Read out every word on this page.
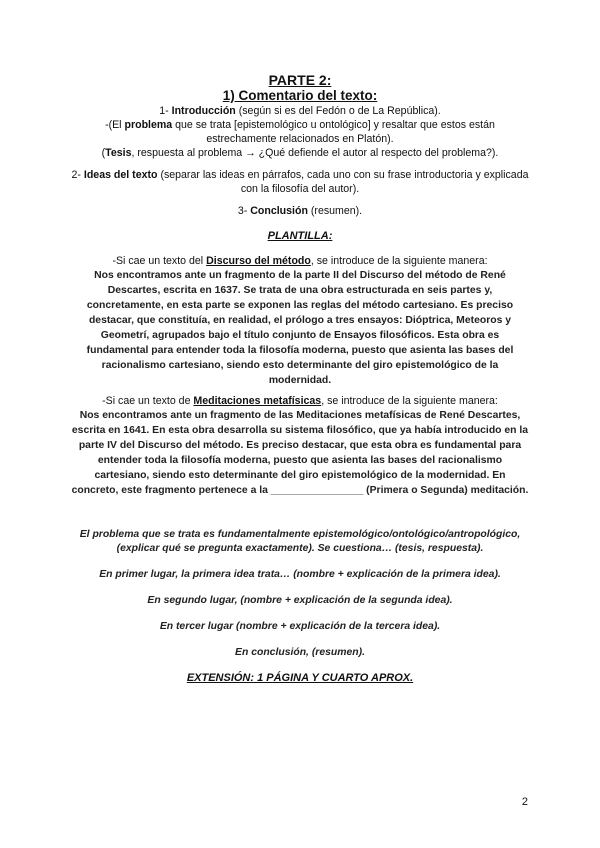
PARTE 2:
1) Comentario del texto:

1- Introducción (según si es del Fedón o de La República).

-(El problema que se trata [epistemológico u ontológico] y resaltar que estos están estrechamente relacionados en Platón).

(Tesis, respuesta al problema → ¿Qué defiende el autor al respecto del problema?).

2- Ideas del texto (separar las ideas en párrafos, cada uno con su frase introductoria y explicada con la filosofía del autor).

3- Conclusión (resumen).

PLANTILLA:

-Si cae un texto del Discurso del método, se introduce de la siguiente manera:

Nos encontramos ante un fragmento de la parte II del Discurso del método de René Descartes, escrita en 1637. Se trata de una obra estructurada en seis partes y, concretamente, en esta parte se exponen las reglas del método cartesiano. Es preciso destacar, que constituía, en realidad, el prólogo a tres ensayos: Dióptrica, Meteoros y Geometrí, agrupados bajo el título conjunto de Ensayos filosóficos. Esta obra es fundamental para entender toda la filosofía moderna, puesto que asienta las bases del racionalismo cartesiano, siendo esto determinante del giro epistemológico de la modernidad.

-Si cae un texto de Meditaciones metafísicas, se introduce de la siguiente manera:

Nos encontramos ante un fragmento de las Meditaciones metafísicas de René Descartes, escrita en 1641. En esta obra desarrolla su sistema filosófico, que ya había introducido en la parte IV del Discurso del método. Es preciso destacar, que esta obra es fundamental para entender toda la filosofía moderna, puesto que asienta las bases del racionalismo cartesiano, siendo esto determinante del giro epistemológico de la modernidad. En concreto, este fragmento pertenece a la ________________ (Primera o Segunda) meditación.

El problema que se trata es fundamentalmente epistemológico/ontológico/antropológico, (explicar qué se pregunta exactamente). Se cuestiona… (tesis, respuesta).

En primer lugar, la primera idea trata… (nombre + explicación de la primera idea).

En segundo lugar, (nombre + explicación de la segunda idea).

En tercer lugar (nombre + explicación de la tercera idea).

En conclusión, (resumen).

EXTENSIÓN: 1 PÁGINA Y CUARTO APROX.
2
